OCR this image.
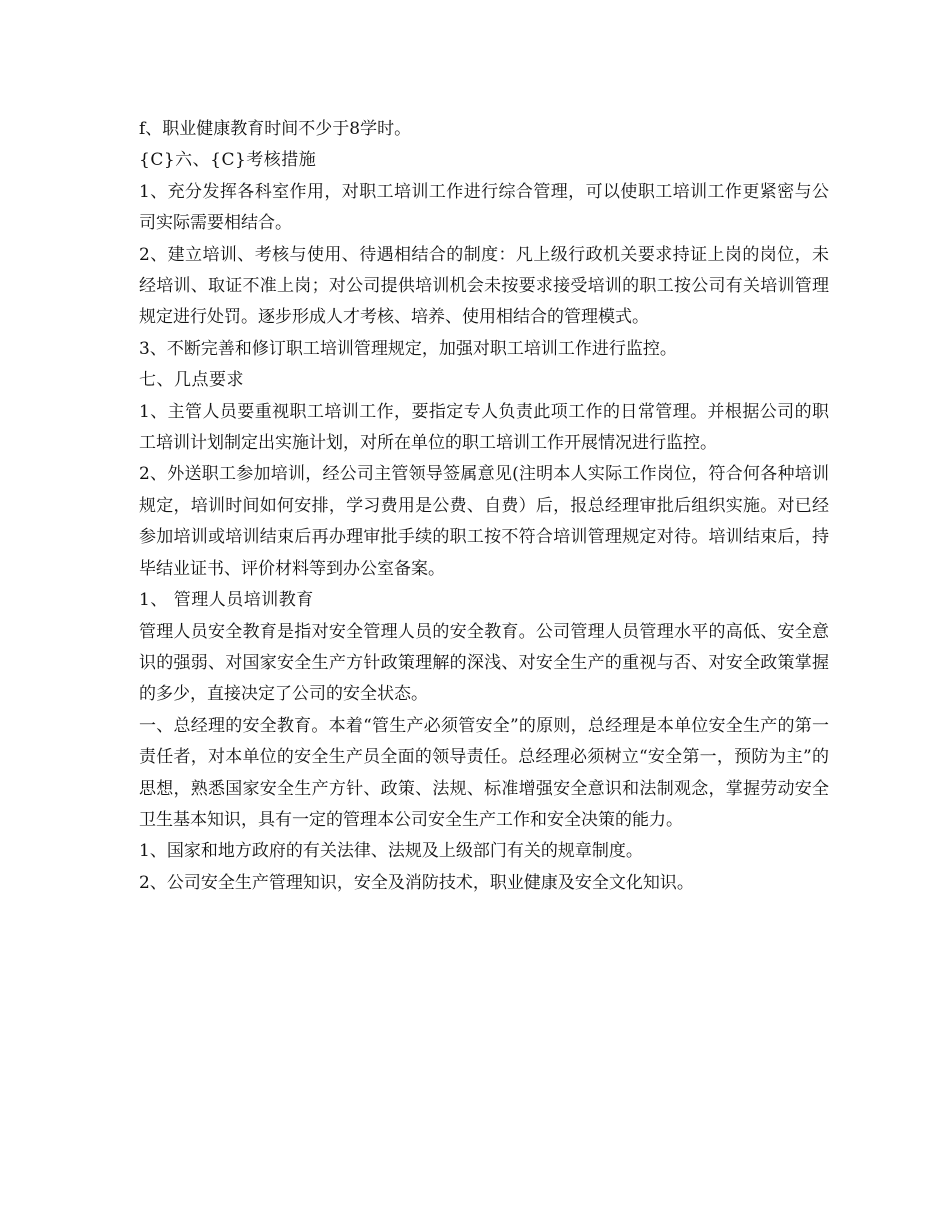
f、职业健康教育时间不少于8学时。

{C}六、{C}考核措施

1、充分发挥各科室作用，对职工培训工作进行综合管理，可以使职工培训工作更紧密与公司实际需要相结合。

2、建立培训、考核与使用、待遇相结合的制度：凡上级行政机关要求持证上岗的岗位，未经培训、取证不准上岗；对公司提供培训机会未按要求接受培训的职工按公司有关培训管理规定进行处罚。逐步形成人才考核、培养、使用相结合的管理模式。

3、不断完善和修订职工培训管理规定，加强对职工培训工作进行监控。

七、几点要求

1、主管人员要重视职工培训工作，要指定专人负责此项工作的日常管理。并根据公司的职工培训计划制定出实施计划，对所在单位的职工培训工作开展情况进行监控。

2、外送职工参加培训，经公司主管领导签属意见(注明本人实际工作岗位，符合何各种培训规定，培训时间如何安排，学习费用是公费、自费）后，报总经理审批后组织实施。对已经参加培训或培训结束后再办理审批手续的职工按不符合培训管理规定对待。培训结束后，持毕结业证书、评价材料等到办公室备案。

1、 管理人员培训教育

管理人员安全教育是指对安全管理人员的安全教育。公司管理人员管理水平的高低、安全意识的强弱、对国家安全生产方针政策理解的深浅、对安全生产的重视与否、对安全政策掌握的多少，直接决定了公司的安全状态。

一、总经理的安全教育。本着“管生产必须管安全”的原则，总经理是本单位安全生产的第一责任者，对本单位的安全生产员全面的领导责任。总经理必须树立“安全第一，预防为主”的思想，熟悉国家安全生产方针、政策、法规、标准增强安全意识和法制观念，掌握劳动安全卫生基本知识，具有一定的管理本公司安全生产工作和安全决策的能力。

1、国家和地方政府的有关法律、法规及上级部门有关的规章制度。

2、公司安全生产管理知识，安全及消防技术，职业健康及安全文化知识。
